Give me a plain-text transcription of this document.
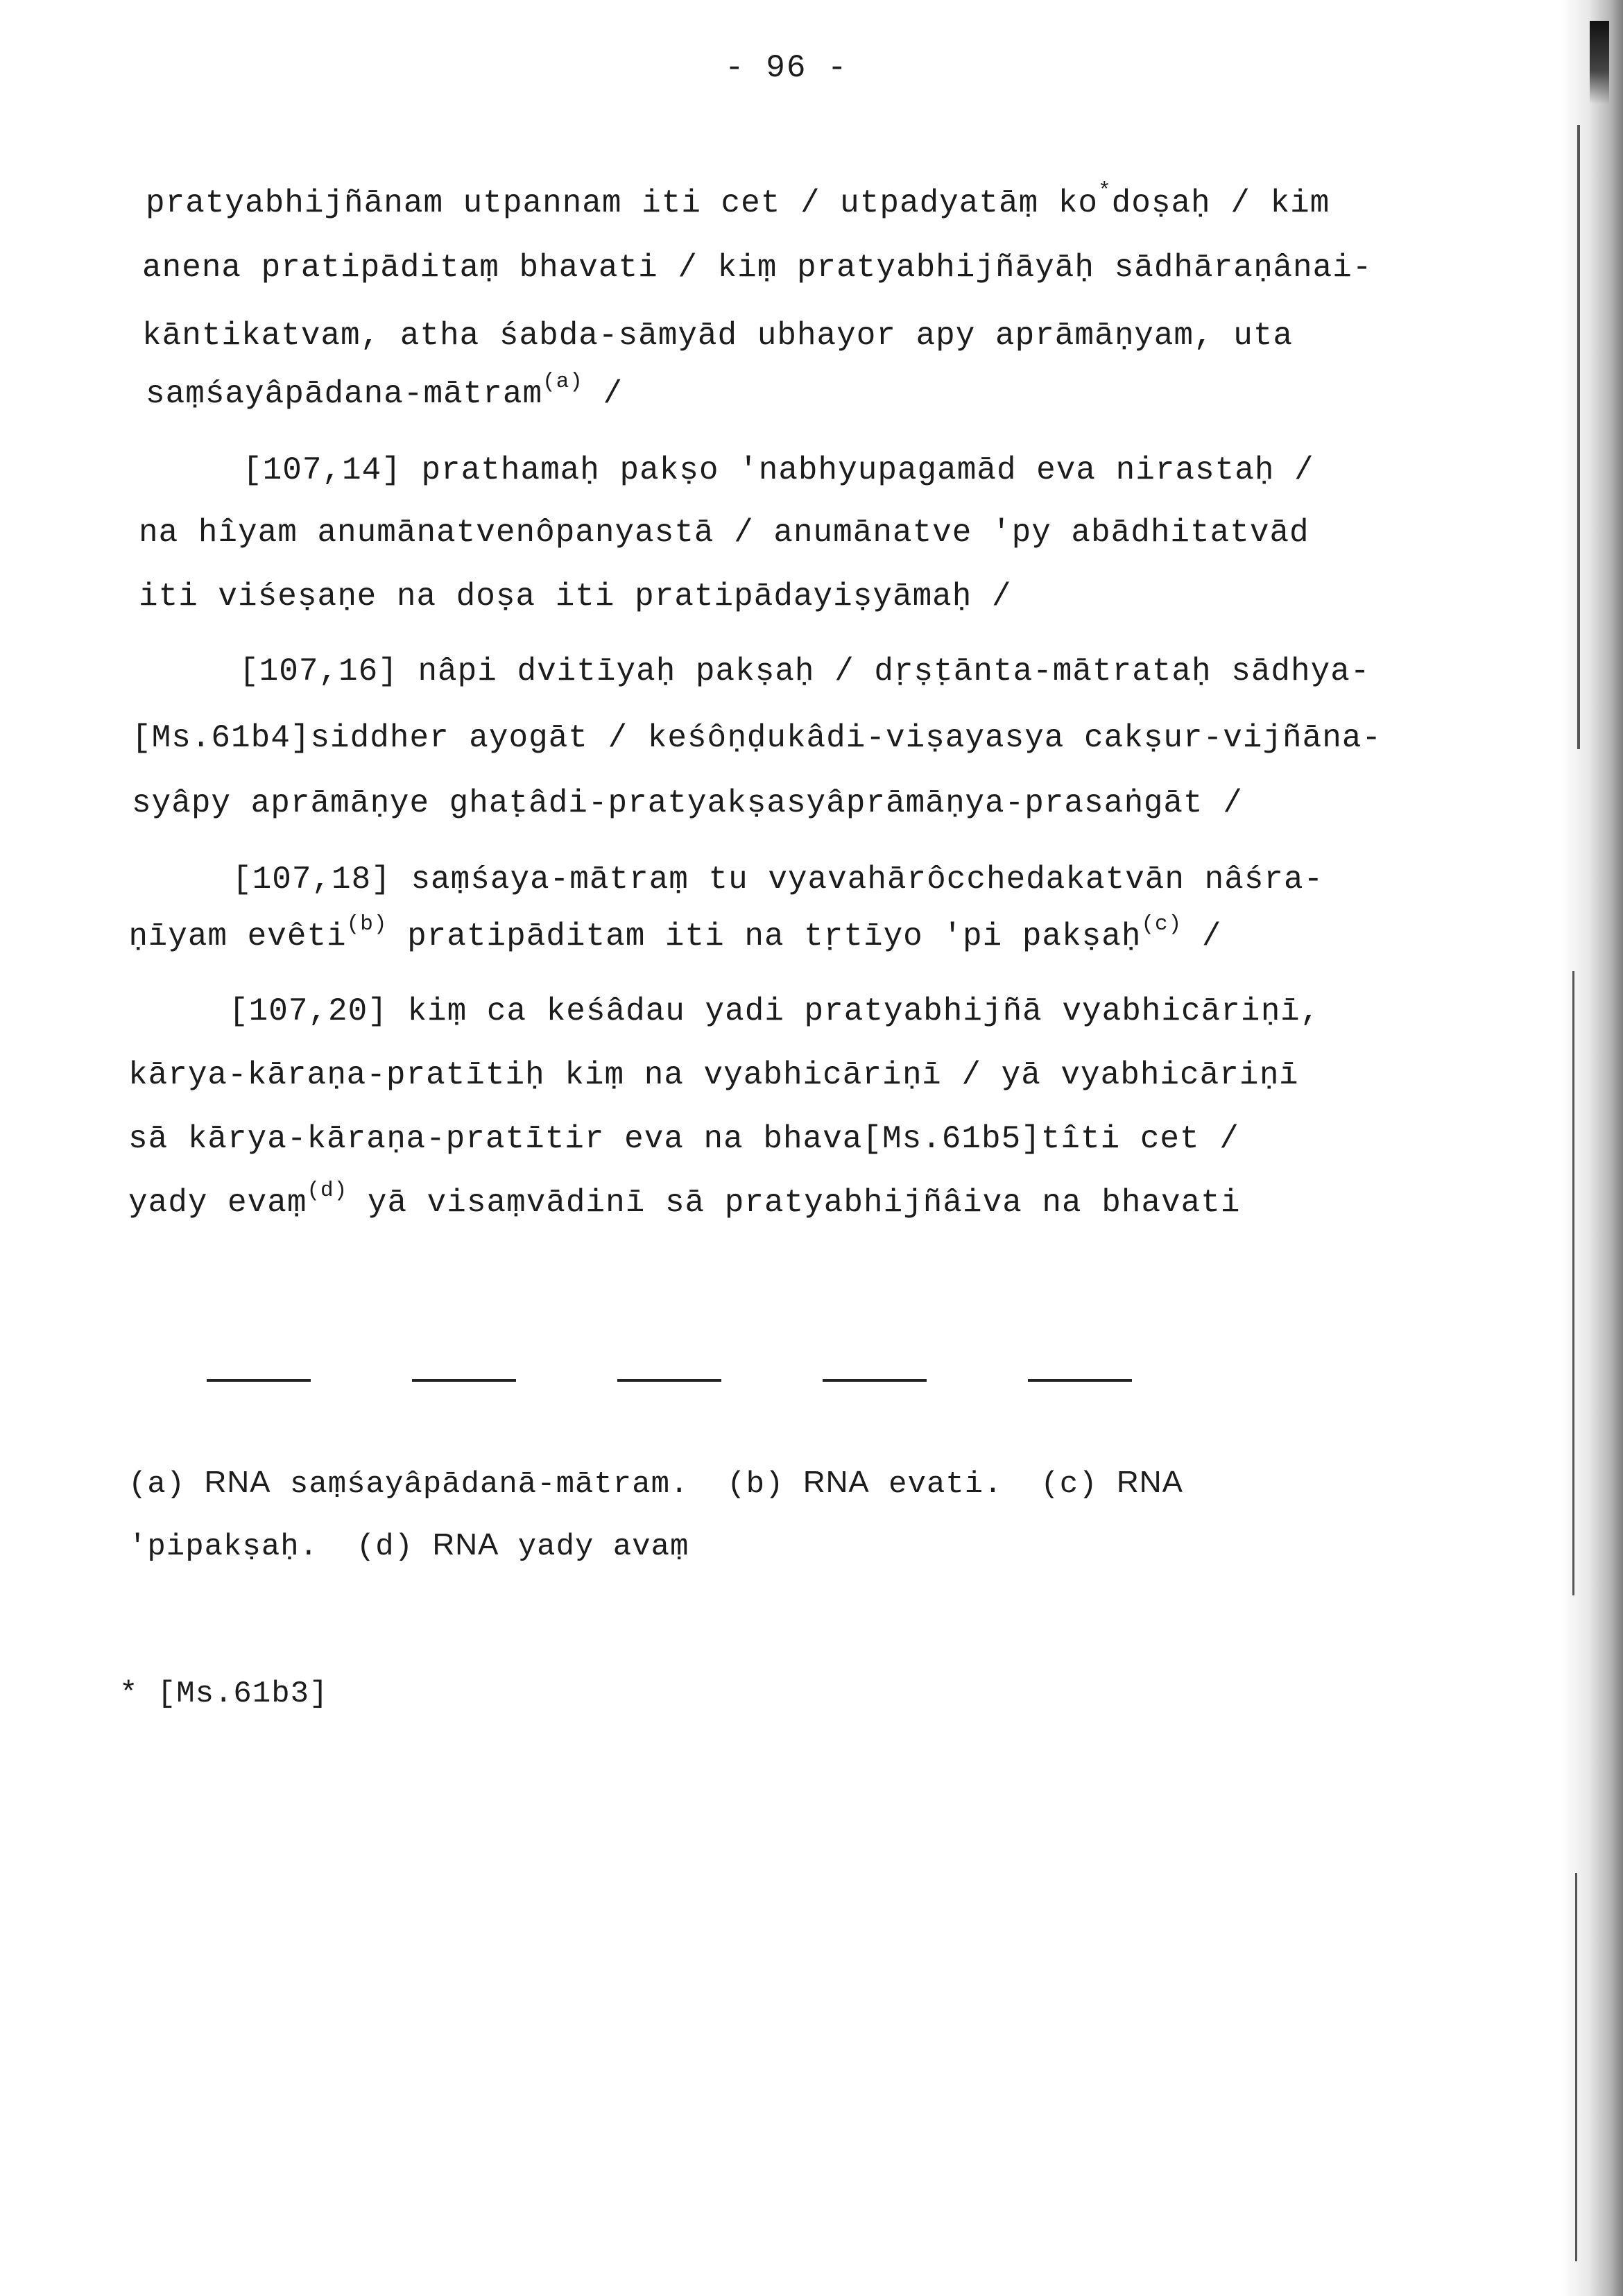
- 96 -
pratyabhijñānam utpannam iti cet / utpadyatāṃ ko*doṣaḥ / kim
anena pratipāditaṃ bhavati / kiṃ pratyabhijñāyāḥ sādhāraṇânai-
kāntikatvam, atha śabda-sāmyād ubhayor apy aprāmāṇyam, uta
saṃśayâpādana-mātram$^{(a)}$ /
[107,14] prathamaḥ pakṣo 'nabhyupagamād eva nirastaḥ /
na hîyam anumānatvenôpanyastā / anumānatve 'py abādhitatvād
iti viśeṣaṇe na doṣa iti pratipādayiṣyāmaḥ /
[107,16] nâpi dvitīyaḥ pakṣaḥ / dṛṣṭānta-mātrataḥ sādhya-
[Ms.61b4]siddher ayogāt / keśôṇḍukâdi-viṣayasya cakṣur-vijñāna-
syâpy aprāmāṇye ghaṭâdi-pratyakṣasyâprāmāṇya-prasaṅgāt /
[107,18] saṃśaya-mātraṃ tu vyavahārôcchedakatvān nâśra-
ṇīyam evêti$^{(b)}$ pratipāditam iti na tṛtīyo 'pi pakṣaḥ$^{(c)}$ /
[107,20] kiṃ ca keśâdau yadi pratyabhijñā vyabhicāriṇī,
kārya-kāraṇa-pratītiḥ kiṃ na vyabhicāriṇī / yā vyabhicāriṇī
sā kārya-kāraṇa-pratītir eva na bhava[Ms.61b5]tîti cet /
yady evaṃ$^{(d)}$ yā visaṃvādinī sā pratyabhijñâiva na bhavati
(a) RNA saṃśayâpādanā-mātram.  (b) RNA evati.  (c) RNA
'pipakṣaḥ.  (d) RNA yady avaṃ
* [Ms.61b3]
